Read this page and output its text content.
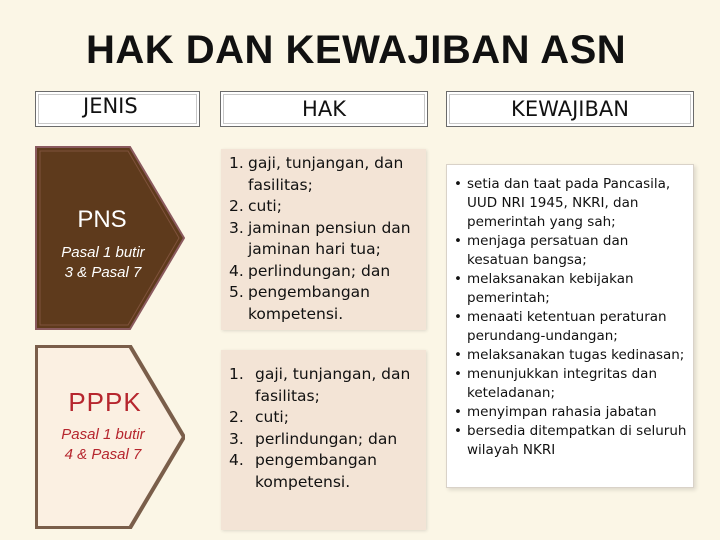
HAK DAN KEWAJIBAN ASN
JENIS	HAK	KEWAJIBAN
PNS
Pasal 1 butir
3 & Pasal 7
PPPK
Pasal 1 butir
4 & Pasal 7
1. gaji, tunjangan, dan fasilitas;
2. cuti;
3. jaminan pensiun dan jaminan hari tua;
4. perlindungan; dan
5. pengembangan kompetensi.
1. gaji, tunjangan, dan fasilitas;
2. cuti;
3. perlindungan; dan
4. pengembangan kompetensi.
• setia dan taat pada Pancasila, UUD NRI 1945, NKRI, dan pemerintah yang sah;
• menjaga persatuan dan kesatuan bangsa;
• melaksanakan kebijakan pemerintah;
• menaati ketentuan peraturan perundang-undangan;
• melaksanakan tugas kedinasan;
• menunjukkan integritas dan keteladanan;
• menyimpan rahasia jabatan
• bersedia ditempatkan di seluruh wilayah NKRI
